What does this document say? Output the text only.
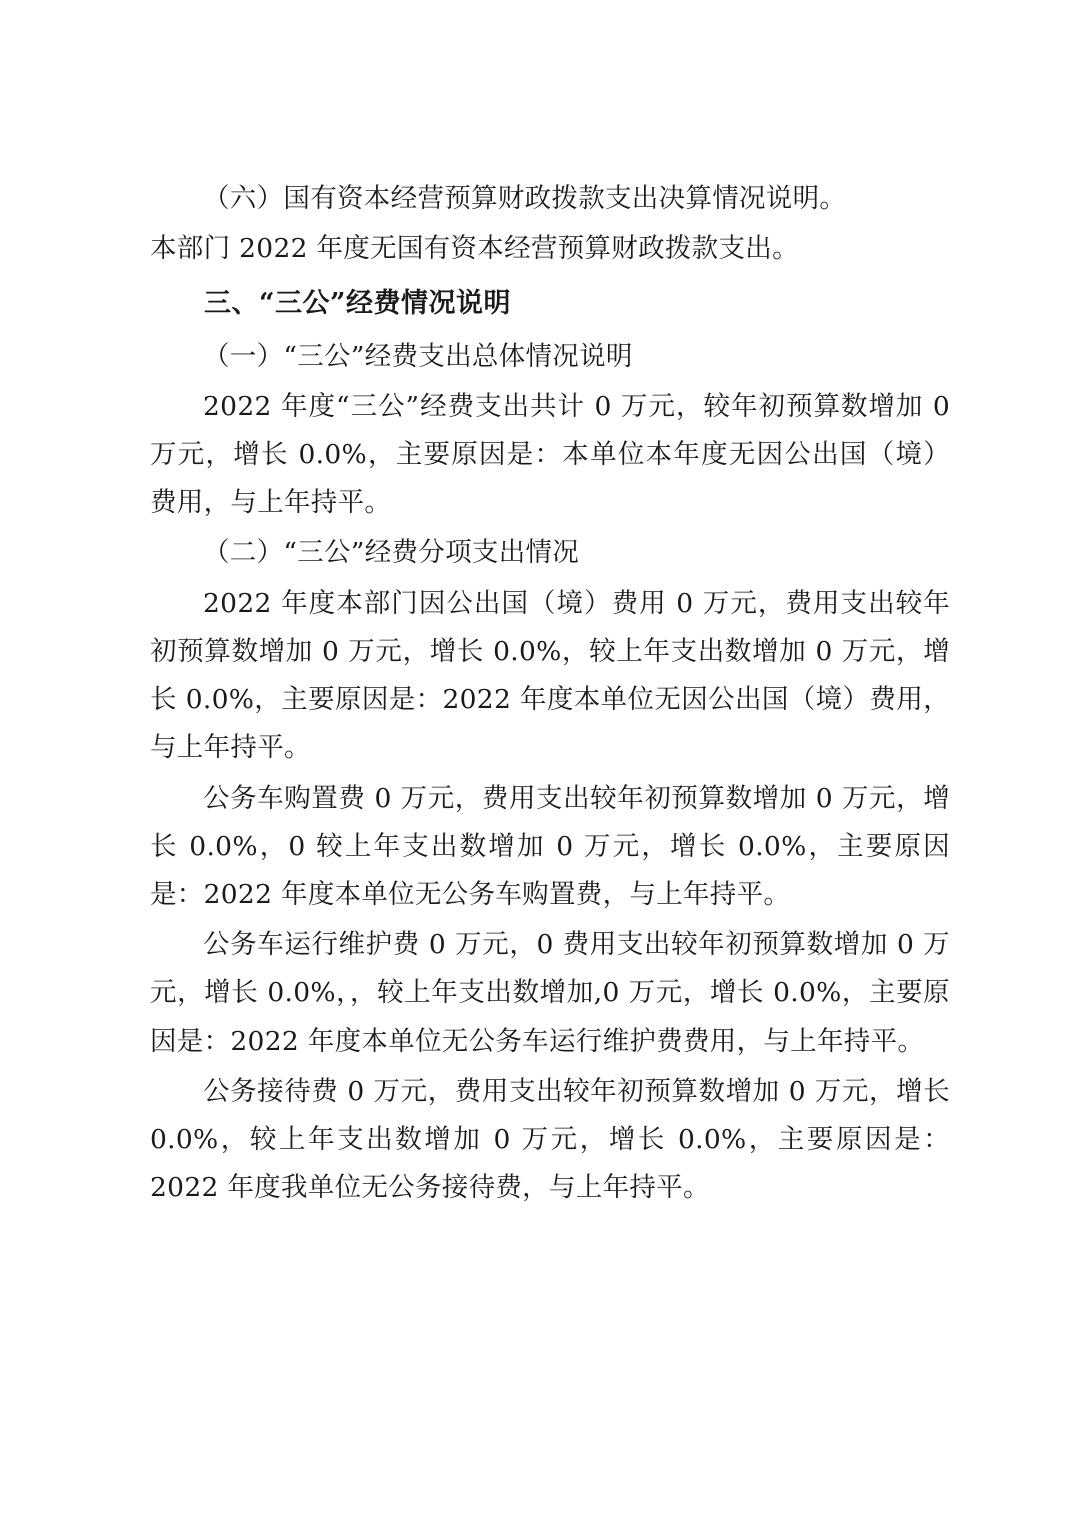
（六）国有资本经营预算财政拨款支出决算情况说明。

本部门 2022 年度无国有资本经营预算财政拨款支出。

三、“三公”经费情况说明

（一）“三公”经费支出总体情况说明

2022 年度“三公”经费支出共计 0 万元，较年初预算数增加 0 万元，增长 0.0%，主要原因是：本单位本年度无因公出国（境）费用，与上年持平。

（二）“三公”经费分项支出情况

2022 年度本部门因公出国（境）费用 0 万元，费用支出较年初预算数增加 0 万元，增长 0.0%，较上年支出数增加 0 万元，增长 0.0%，主要原因是：2022 年度本单位无因公出国（境）费用，与上年持平。

公务车购置费 0 万元，费用支出较年初预算数增加 0 万元，增长 0.0%，0 较上年支出数增加 0 万元，增长 0.0%，主要原因是：2022 年度本单位无公务车购置费，与上年持平。

公务车运行维护费 0 万元，0 费用支出较年初预算数增加 0 万元，增长 0.0%，，较上年支出数增加,0 万元，增长 0.0%，主要原因是：2022 年度本单位无公务车运行维护费费用，与上年持平。

公务接待费 0 万元，费用支出较年初预算数增加 0 万元，增长 0.0%，较上年支出数增加 0 万元，增长 0.0%，主要原因是：2022 年度我单位无公务接待费，与上年持平。
